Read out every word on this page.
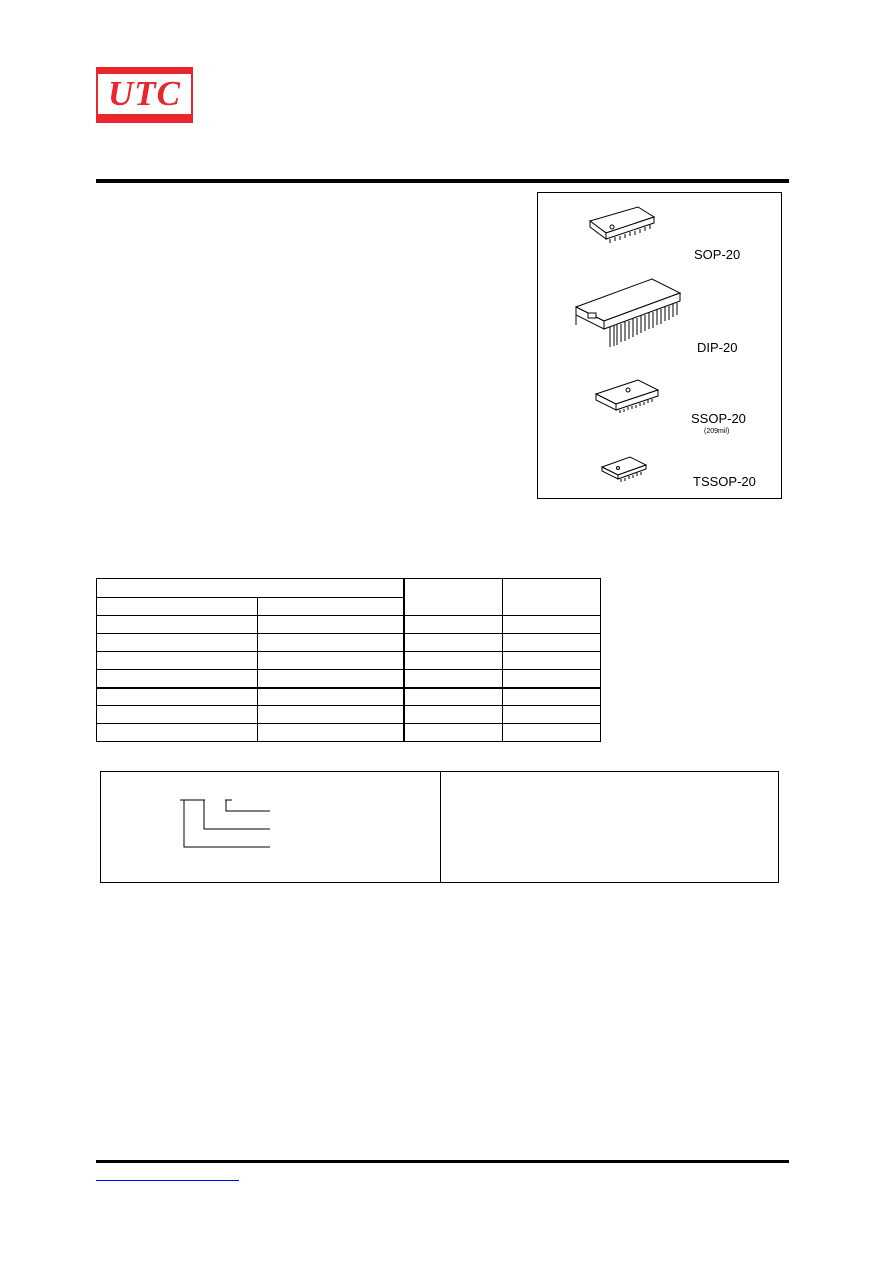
UTC
SOP-20
DIP-20
SSOP-20
(209mil)
TSSOP-20
